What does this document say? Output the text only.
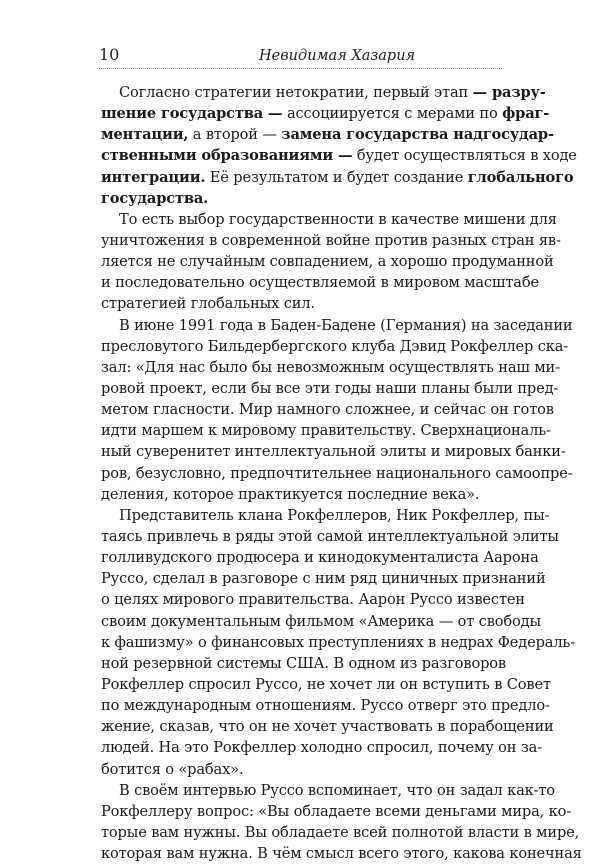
10	Невидимая Хазария
Согласно стратегии нетократии, первый этап — разру-
шение государства — ассоциируется с мерами по фраг-
ментации, а второй — замена государства надгосудар-
ственными образованиями — будет осуществляться в ходе
интеграции. Её результатом и будет создание глобального
государства.
То есть выбор государственности в качестве мишени для
уничтожения в современной войне против разных стран яв-
ляется не случайным совпадением, а хорошо продуманной
и последовательно осуществляемой в мировом масштабе
стратегией глобальных сил.
В июне 1991 года в Баден-Бадене (Германия) на заседании
пресловутого Бильдербергского клуба Дэвид Рокфеллер ска-
зал: «Для нас было бы невозможным осуществлять наш ми-
ровой проект, если бы все эти годы наши планы были пред-
метом гласности. Мир намного сложнее, и сейчас он готов
идти маршем к мировому правительству. Сверхнациональ-
ный суверенитет интеллектуальной элиты и мировых банки-
ров, безусловно, предпочтительнее национального самоопре-
деления, которое практикуется последние века».
Представитель клана Рокфеллеров, Ник Рокфеллер, пы-
таясь привлечь в ряды этой самой интеллектуальной элиты
голливудского продюсера и кинодокументалиста Аарона
Руссо, сделал в разговоре с ним ряд циничных признаний
о целях мирового правительства. Аарон Руссо известен
своим документальным фильмом «Америка — от свободы
к фашизму» о финансовых преступлениях в недрах Федераль-
ной резервной системы США. В одном из разговоров
Рокфеллер спросил Руссо, не хочет ли он вступить в Совет
по международным отношениям. Руссо отверг это предло-
жение, сказав, что он не хочет участвовать в порабощении
людей. На это Рокфеллер холодно спросил, почему он за-
ботится о «рабах».
В своём интервью Руссо вспоминает, что он задал как-то
Рокфеллеру вопрос: «Вы обладаете всеми деньгами мира, ко-
торые вам нужны. Вы обладаете всей полнотой власти в мире,
которая вам нужна. В чём смысл всего этого, какова конечная
